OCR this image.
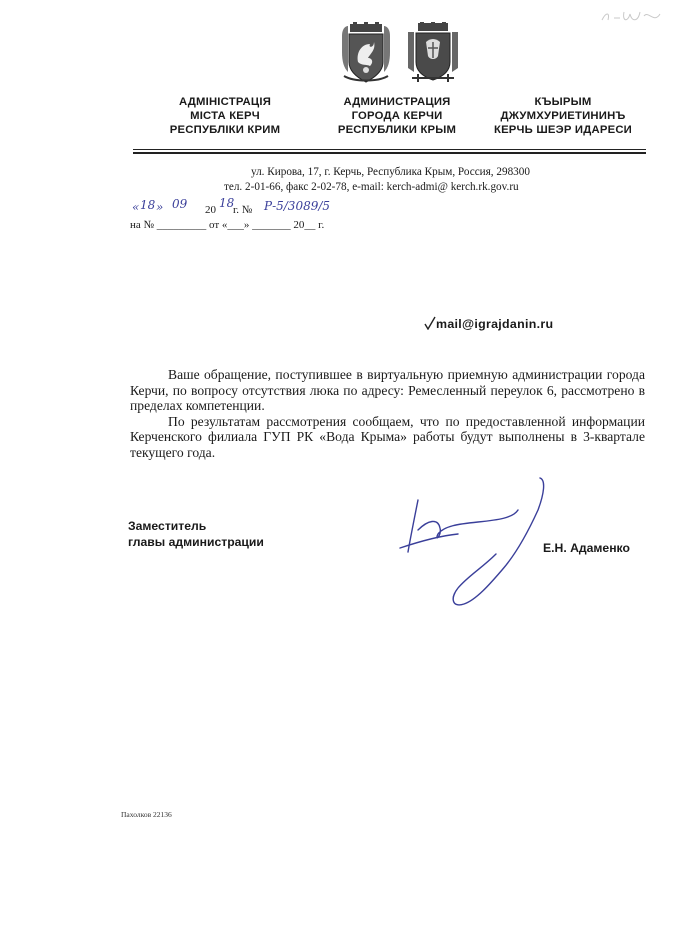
АДМІНІСТРАЦІЯ
МІСТА КЕРЧ
РЕСПУБЛІКИ КРИМ
АДМИНИСТРАЦИЯ
ГОРОДА КЕРЧИ
РЕСПУБЛИКИ КРЫМ
КЪЫРЫМ
ДЖУМХУРИЕТИНИНЪ
КЕРЧЬ ШЕЭР ИДАРЕСИ
ул. Кирова, 17, г. Керчь, Республика Крым, Россия, 298300
тел. 2-01-66, факс 2-02-78, e-mail: kerch-admi@ kerch.rk.gov.ru
« 18 » 09 20 18
г. № Р-5/3089/5
на № _________ от «___» _______ 20__ г.
mail@igrajdanin.ru

Ваше обращение, поступившее в виртуальную приемную администрации города Керчи, по вопросу отсутствия люка по адресу: Ремесленный переулок 6, рассмотрено в пределах компетенции.

По результатам рассмотрения сообщаем, что по предоставленной информации Керченского филиала ГУП РК «Вода Крыма» работы будут выполнены в 3-квартале текущего года.

Заместитель
главы администрации	Е.Н. Адаменко
Пахолков 22136
